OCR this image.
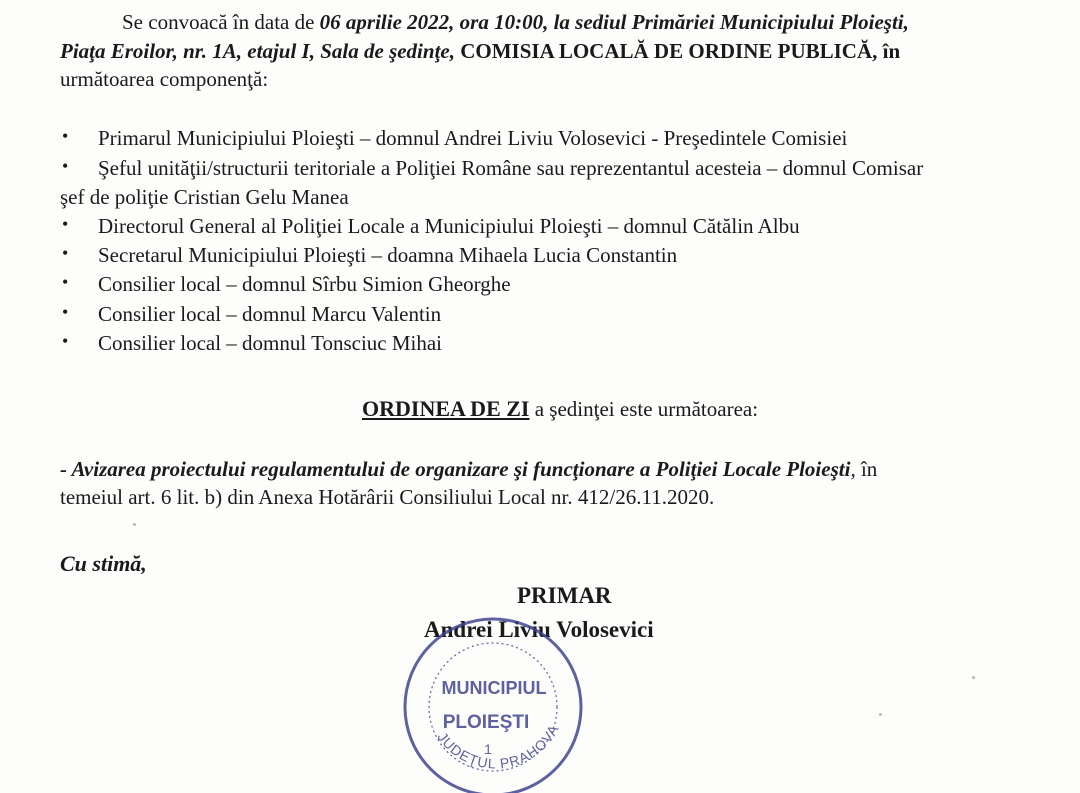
Se convoacă în data de 06 aprilie 2022, ora 10:00, la sediul Primăriei Municipiului Ploieşti,
Piaţa Eroilor, nr. 1A, etajul I, Sala de şedinţe, COMISIA LOCALĂ DE ORDINE PUBLICĂ, în
următoarea componenţă:
• Primarul Municipiului Ploieşti – domnul Andrei Liviu Volosevici - Preşedintele Comisiei
• Şeful unităţii/structurii teritoriale a Poliţiei Române sau reprezentantul acesteia – domnul Comisar
şef de poliţie Cristian Gelu Manea
• Directorul General al Poliţiei Locale a Municipiului Ploieşti – domnul Cătălin Albu
• Secretarul Municipiului Ploieşti – doamna Mihaela Lucia Constantin
• Consilier local – domnul Sîrbu Simion Gheorghe
• Consilier local – domnul Marcu Valentin
• Consilier local – domnul Tonsciuc Mihai
ORDINEA DE ZI a şedinţei este următoarea:
- Avizarea proiectului regulamentului de organizare şi funcţionare a Poliţiei Locale Ploieşti, în
temeiul art. 6 lit. b) din Anexa Hotărârii Consiliului Local nr. 412/26.11.2020.
Cu stimă,
PRIMAR
Andrei Liviu Volosevici
MUNICIPIUL
PLOIEŞTI
1
JUDEŢUL PRAHOVA
